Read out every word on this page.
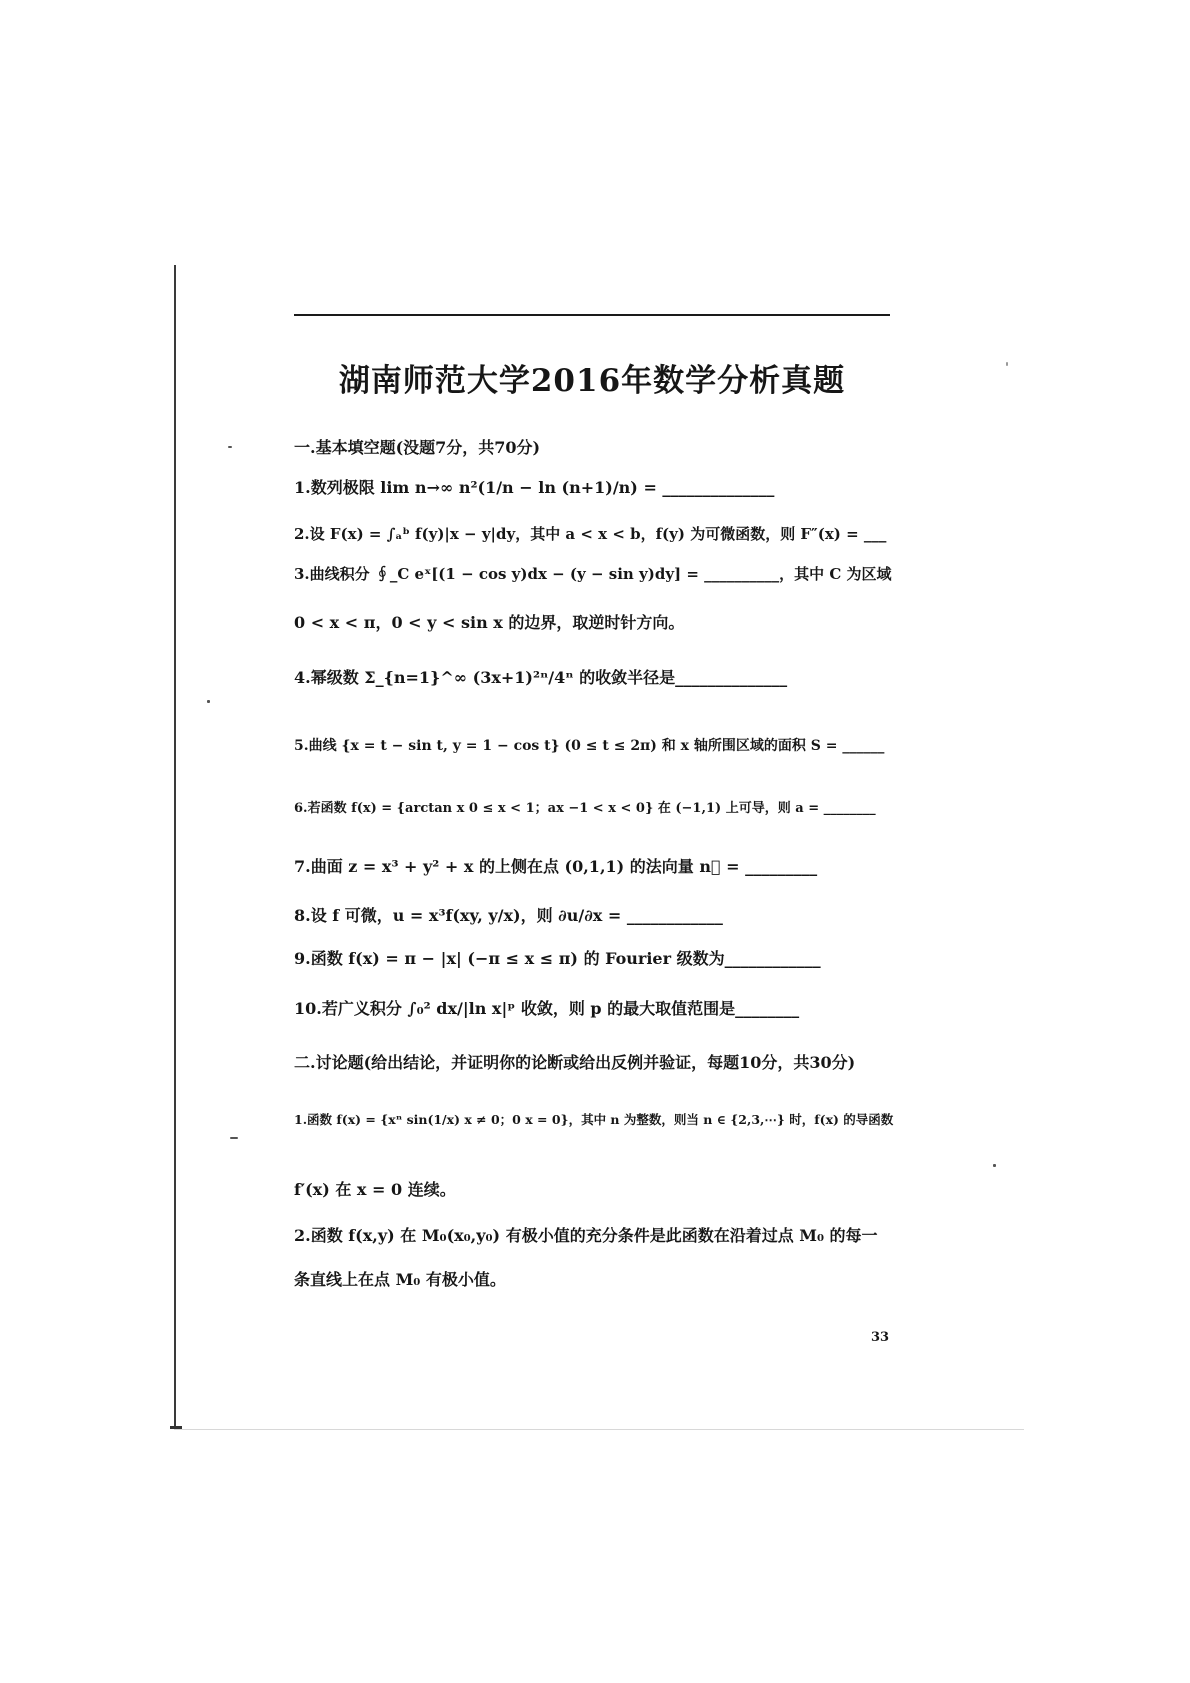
湖南师范大学2016年数学分析真题
一.基本填空题(没题7分，共70分)
1.数列极限 lim n→∞ n²(1/n − ln (n+1)/n) = ______________
2.设 F(x) = ∫ₐᵇ f(y)|x − y|dy，其中 a < x < b，f(y) 为可微函数，则 F″(x) = ___
3.曲线积分 ∮_C eˣ[(1 − cos y)dx − (y − sin y)dy] = __________，其中 C 为区域
0 < x < π，0 < y < sin x 的边界，取逆时针方向。
4.幂级数 Σ_{n=1}^∞ (3x+1)²ⁿ/4ⁿ 的收敛半径是______________
5.曲线 {x = t − sin t, y = 1 − cos t} (0 ≤ t ≤ 2π) 和 x 轴所围区域的面积 S = ______
6.若函数 f(x) = {arctan x 0 ≤ x < 1；ax −1 < x < 0} 在 (−1,1) 上可导，则 a = ________
7.曲面 z = x³ + y² + x 的上侧在点 (0,1,1) 的法向量 n⃗ = _________
8.设 f 可微，u = x³f(xy, y/x)，则 ∂u/∂x = ____________
9.函数 f(x) = π − |x| (−π ≤ x ≤ π) 的 Fourier 级数为____________
10.若广义积分 ∫₀² dx/|ln x|ᵖ 收敛，则 p 的最大取值范围是________
二.讨论题(给出结论，并证明你的论断或给出反例并验证，每题10分，共30分)
1.函数 f(x) = {xⁿ sin(1/x) x ≠ 0；0 x = 0}，其中 n 为整数，则当 n ∈ {2,3,⋯} 时，f(x) 的导函数
f′(x) 在 x = 0 连续。
2.函数 f(x,y) 在 M₀(x₀,y₀) 有极小值的充分条件是此函数在沿着过点 M₀ 的每一
条直线上在点 M₀ 有极小值。
33
